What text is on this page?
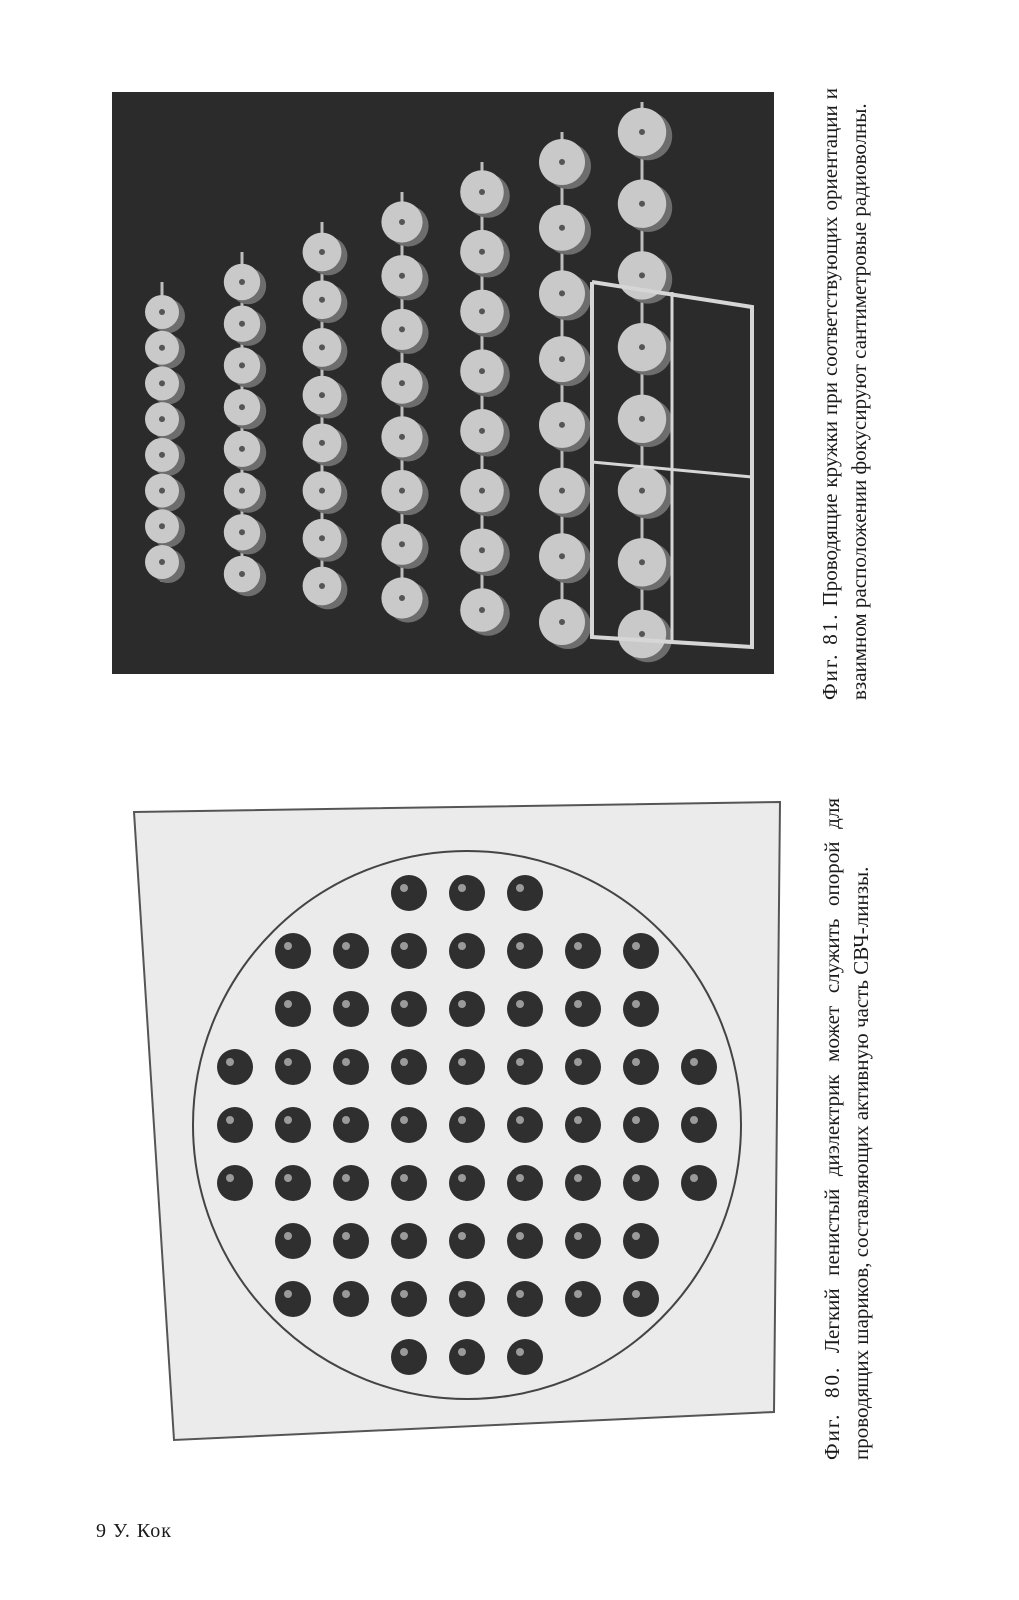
Фиг. 81. Проводящие кружки при соответствующих ориентации и взаимном расположении фокусируют сантиметровые радиоволны.

Фиг. 80. Легкий пенистый диэлектрик может служить опорой для проводящих шариков, составляющих активную часть СВЧ-линзы.

9 У. Кок
